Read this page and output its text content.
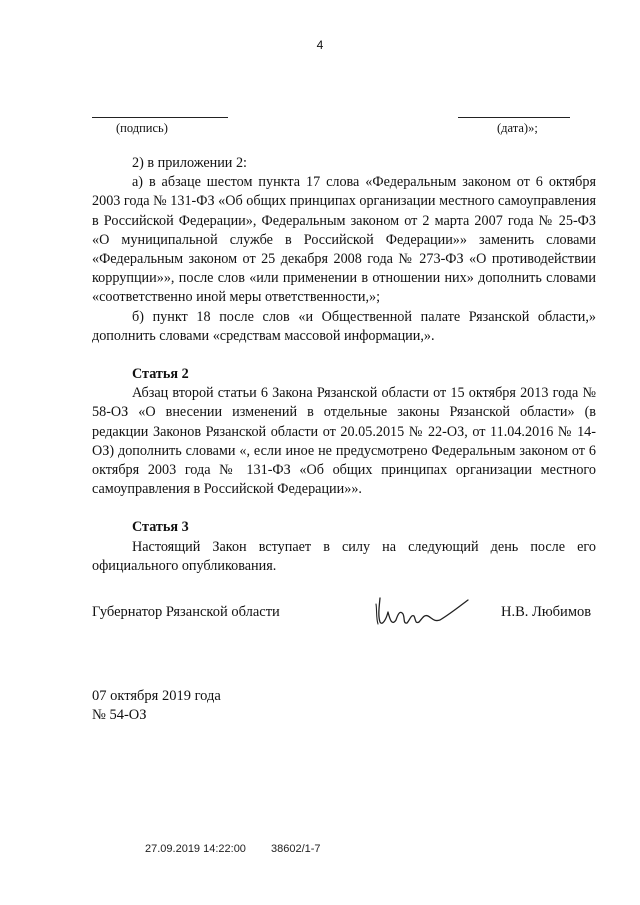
4
(подпись)	(дата)»;

2) в приложении 2:

а) в абзаце шестом пункта 17 слова «Федеральным законом от 6 октября 2003 года № 131-ФЗ «Об общих принципах организации местного самоуправления в Российской Федерации», Федеральным законом от 2 марта 2007 года № 25-ФЗ «О муниципальной службе в Российской Федерации»» заменить словами «Федеральным законом от 25 декабря 2008 года № 273-ФЗ «О противодействии коррупции»», после слов «или применении в отношении них» дополнить словами «соответственно иной меры ответственности,»;

б) пункт 18 после слов «и Общественной палате Рязанской области,» дополнить словами «средствам массовой информации,».

Статья 2

Абзац второй статьи 6 Закона Рязанской области от 15 октября 2013 года № 58-ОЗ «О внесении изменений в отдельные законы Рязанской области» (в редакции Законов Рязанской области от 20.05.2015 № 22-ОЗ, от 11.04.2016 № 14-ОЗ) дополнить словами «, если иное не предусмотрено Федеральным законом от 6 октября 2003 года № 131-ФЗ «Об общих принципах организации местного самоуправления в Российской Федерации»».

Статья 3

Настоящий Закон вступает в силу на следующий день после его официального опубликования.

Губернатор Рязанской области	Н.В. Любимов
07 октября 2019 года
№ 54-ОЗ
27.09.2019 14:22:00 38602/1-7
